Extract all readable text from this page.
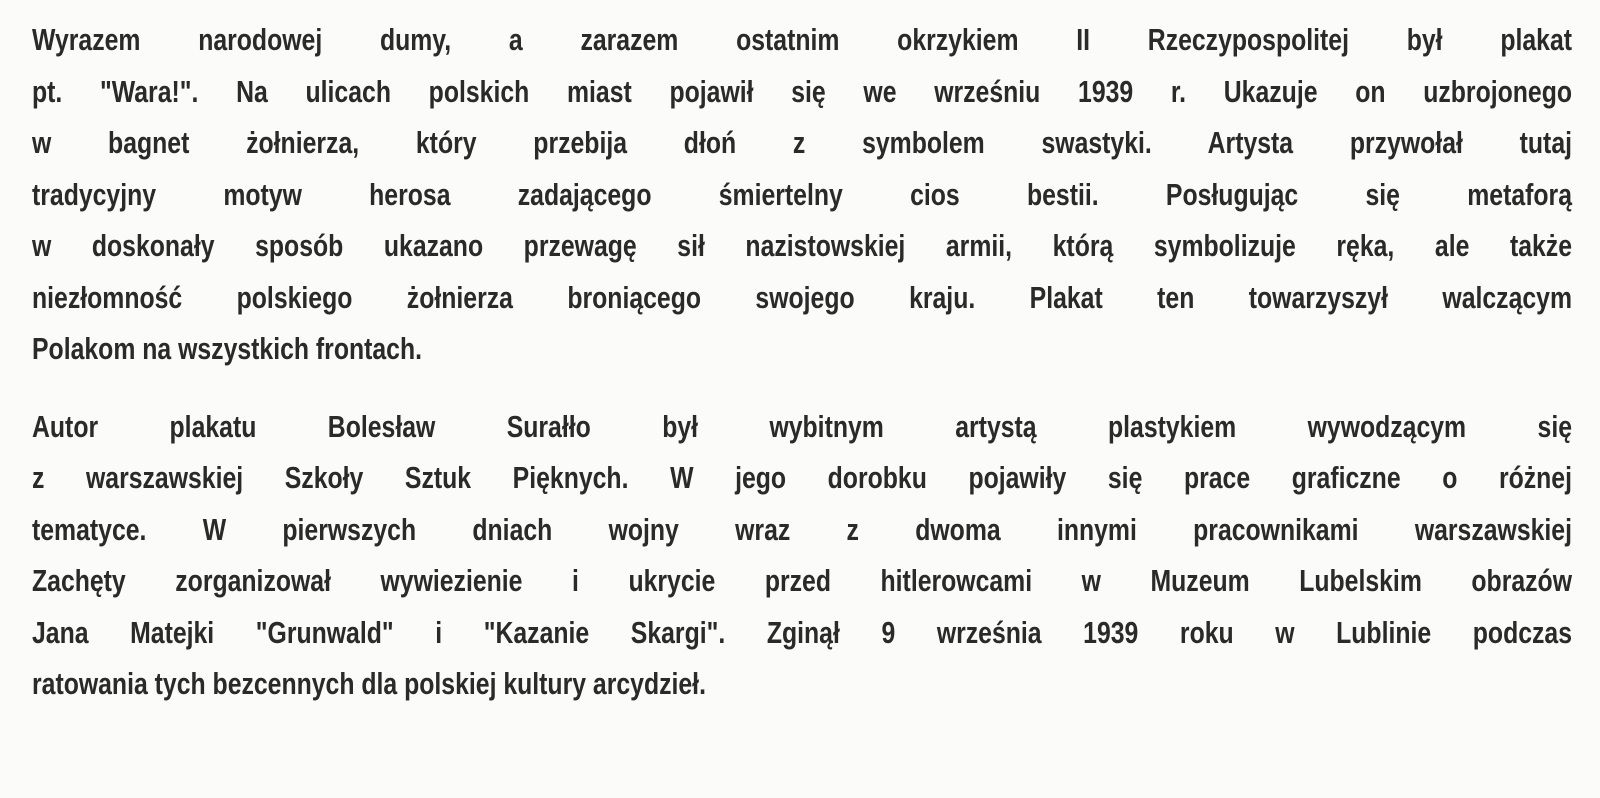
Wyrazem narodowej dumy, a zarazem ostatnim okrzykiem II Rzeczypospolitej był plakat
pt. "Wara!". Na ulicach polskich miast pojawił się we wrześniu 1939 r. Ukazuje on uzbrojonego
w bagnet żołnierza, który przebija dłoń z symbolem swastyki. Artysta przywołał tutaj
tradycyjny motyw herosa zadającego śmiertelny cios bestii. Posługując się metaforą
w doskonały sposób ukazano przewagę sił nazistowskiej armii, którą symbolizuje ręka, ale także
niezłomność polskiego żołnierza broniącego swojego kraju. Plakat ten towarzyszył walczącym
Polakom na wszystkich frontach.
Autor plakatu Bolesław Surałło był wybitnym artystą plastykiem wywodzącym się
z warszawskiej Szkoły Sztuk Pięknych. W jego dorobku pojawiły się prace graficzne o różnej
tematyce. W pierwszych dniach wojny wraz z dwoma innymi pracownikami warszawskiej
Zachęty zorganizował wywiezienie i ukrycie przed hitlerowcami w Muzeum Lubelskim obrazów
Jana Matejki "Grunwald" i "Kazanie Skargi". Zginął 9 września 1939 roku w Lublinie podczas
ratowania tych bezcennych dla polskiej kultury arcydzieł.
